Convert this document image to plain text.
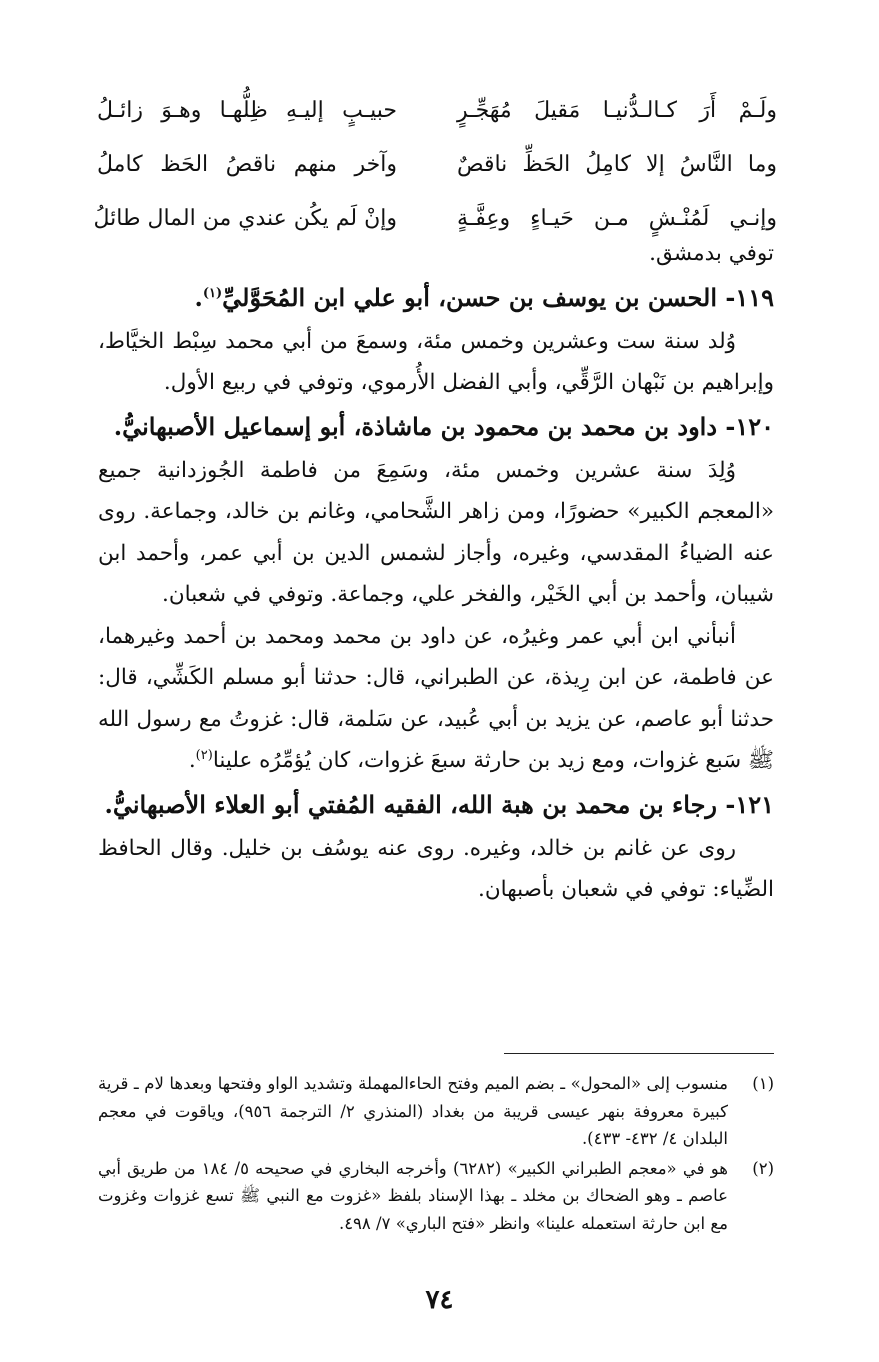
ولَـمْ أَرَ كـالـدُّنيـا مَقيلَ مُهَجِّـرٍ
حبيـبٍ إليـهِ ظِلُّهـا وهـوَ زائـلُ
وما النَّاسُ إلا كامِلُ الحَظِّ ناقصٌ
وآخر منهم ناقصُ الحَظ كاملُ
وإنـي لَمُنْـشٍ مـن حَيـاءٍ وعِفَّـةٍ
وإنْ لَم يكُن عندي من المال طائلُ

توفي بدمشق.

١١٩- الحسن بن يوسف بن حسن، أبو علي ابن المُحَوَّليِّ$^{(١)}$.

وُلد سنة ست وعشرين وخمس مئة، وسمعَ من أبي محمد سِبْط الخيَّاط، وإبراهيم بن نَبْهان الرَّقِّي، وأبي الفضل الأُرموي، وتوفي في ربيع الأول.

١٢٠- داود بن محمد بن محمود بن ماشاذة، أبو إسماعيل الأصبهانيُّ.

وُلِدَ سنة عشرين وخمس مئة، وسَمِعَ من فاطمة الجُوزدانية جميع «المعجم الكبير» حضورًا، ومن زاهر الشَّحامي، وغانم بن خالد، وجماعة. روى عنه الضياءُ المقدسي، وغيره، وأجاز لشمس الدين بن أبي عمر، وأحمد ابن شيبان، وأحمد بن أبي الخَيْر، والفخر علي، وجماعة. وتوفي في شعبان.

أنبأني ابن أبي عمر وغيرُه، عن داود بن محمد ومحمد بن أحمد وغيرهما، عن فاطمة، عن ابن رِيذة، عن الطبراني، قال: حدثنا أبو مسلم الكَشِّي، قال: حدثنا أبو عاصم، عن يزيد بن أبي عُبيد، عن سَلمة، قال: غزوتُ مع رسول الله ﷺ سَبع غزوات، ومع زيد بن حارثة سبعَ غزوات، كان يُؤمِّرُه علينا$^{(٢)}$.

١٢١- رجاء بن محمد بن هبة الله، الفقيه المُفتي أبو العلاء الأصبهانيُّ.

روى عن غانم بن خالد، وغيره. روى عنه يوسُف بن خليل. وقال الحافظ الضِّياء: توفي في شعبان بأصبهان.

(١)
منسوب إلى «المحول» ـ بضم الميم وفتح الحاءالمهملة وتشديد الواو وفتحها وبعدها لام ـ قرية كبيرة معروفة بنهر عيسى قريبة من بغداد (المنذري ٢/ الترجمة ٩٥٦)، وياقوت في معجم البلدان ٤/ ٤٣٢- ٤٣٣).
(٢)
هو في «معجم الطبراني الكبير» (٦٢٨٢) وأخرجه البخاري في صحيحه ٥/ ١٨٤ من طريق أبي عاصم ـ وهو الضحاك بن مخلد ـ بهذا الإسناد بلفظ «غزوت مع النبي ﷺ تسع غزوات وغزوت مع ابن حارثة استعمله علينا» وانظر «فتح الباري» ٧/ ٤٩٨.
٧٤
